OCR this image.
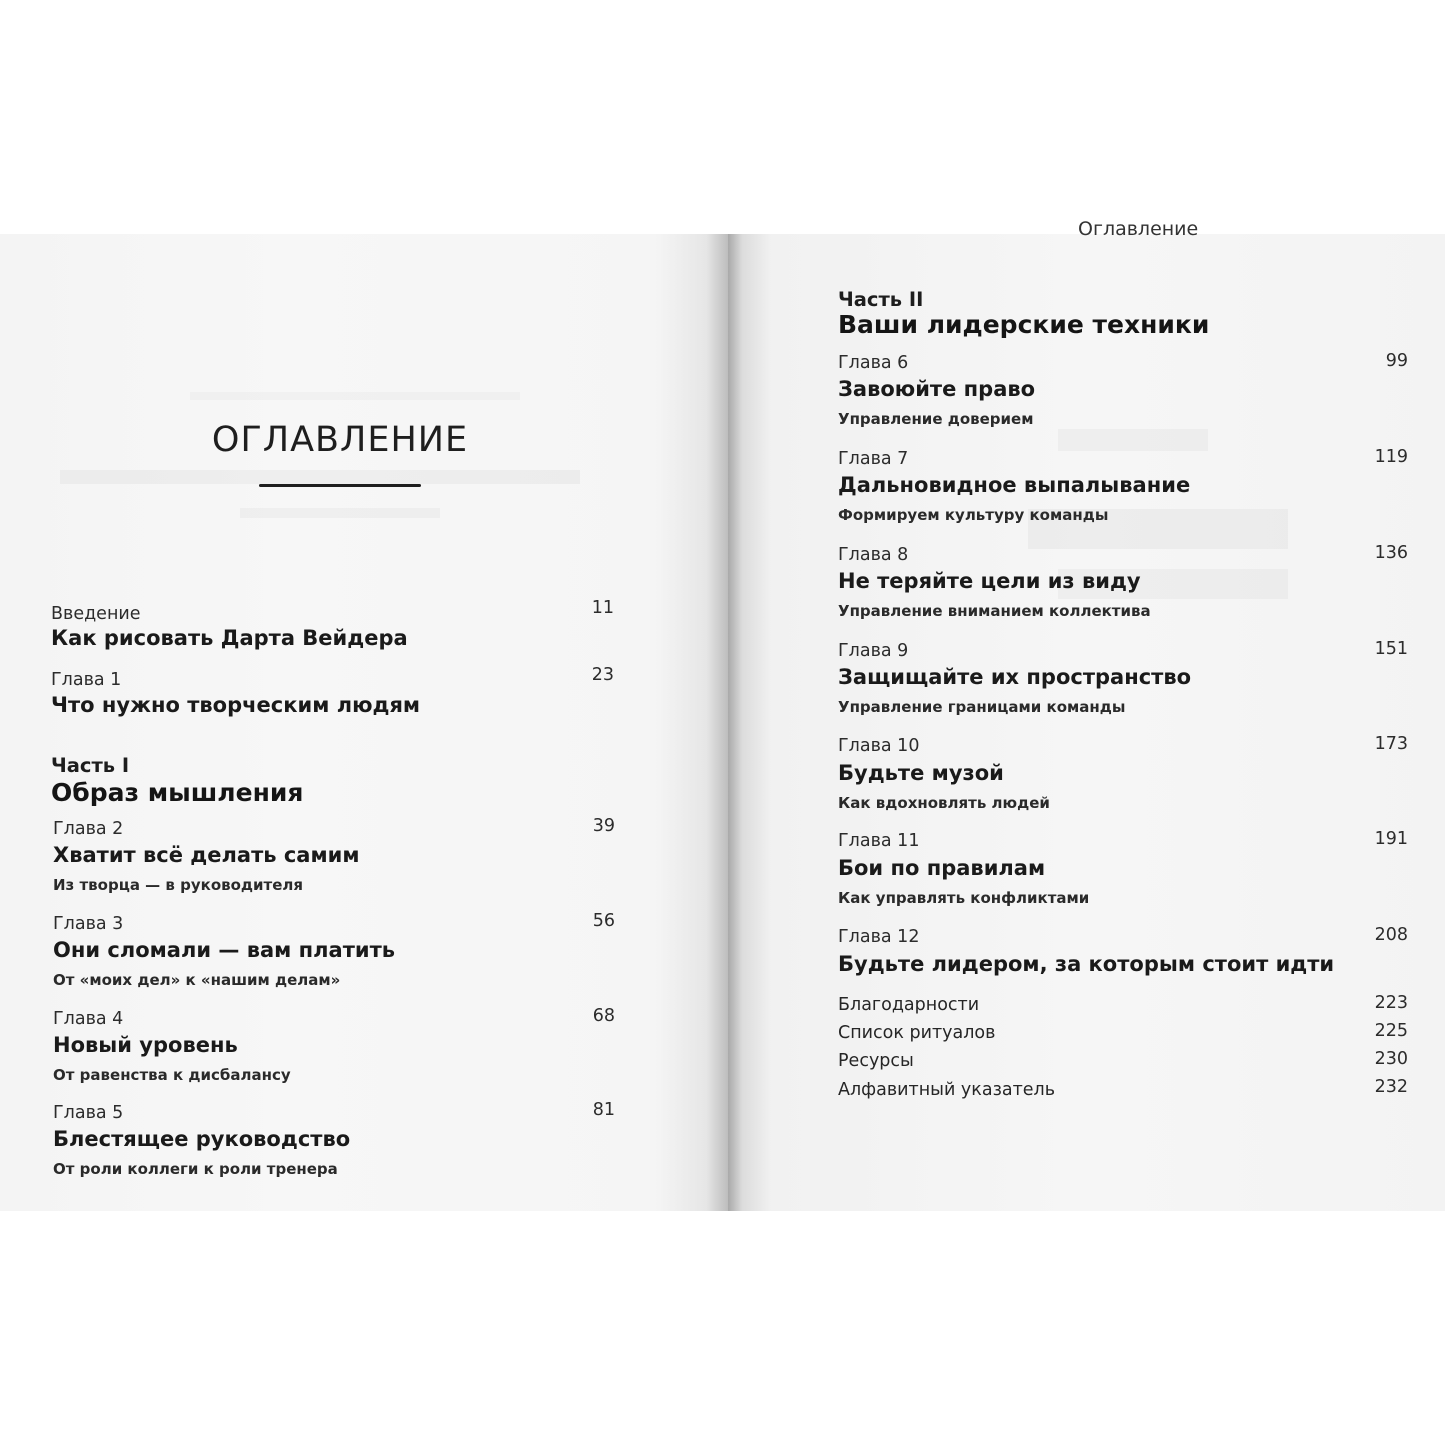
ОГЛАВЛЕНИЕ
Введение	11
Как рисовать Дарта Вейдера
Глава 1	23
Что нужно творческим людям
Часть I
Образ мышления
Глава 2	39
Хватит всё делать самим
Из творца — в руководителя
Глава 3	56
Они сломали — вам платить
От «моих дел» к «нашим делам»
Глава 4	68
Новый уровень
От равенства к дисбалансу
Глава 5	81
Блестящее руководство
От роли коллеги к роли тренера
Оглавление
Часть II
Ваши лидерские техники
Глава 6	99
Завоюйте право
Управление доверием
Глава 7	119
Дальновидное выпалывание
Формируем культуру команды
Глава 8	136
Не теряйте цели из виду
Управление вниманием коллектива
Глава 9	151
Защищайте их пространство
Управление границами команды
Глава 10	173
Будьте музой
Как вдохновлять людей
Глава 11	191
Бои по правилам
Как управлять конфликтами
Глава 12	208
Будьте лидером, за которым стоит идти
Благодарности	223
Список ритуалов	225
Ресурсы	230
Алфавитный указатель	232
